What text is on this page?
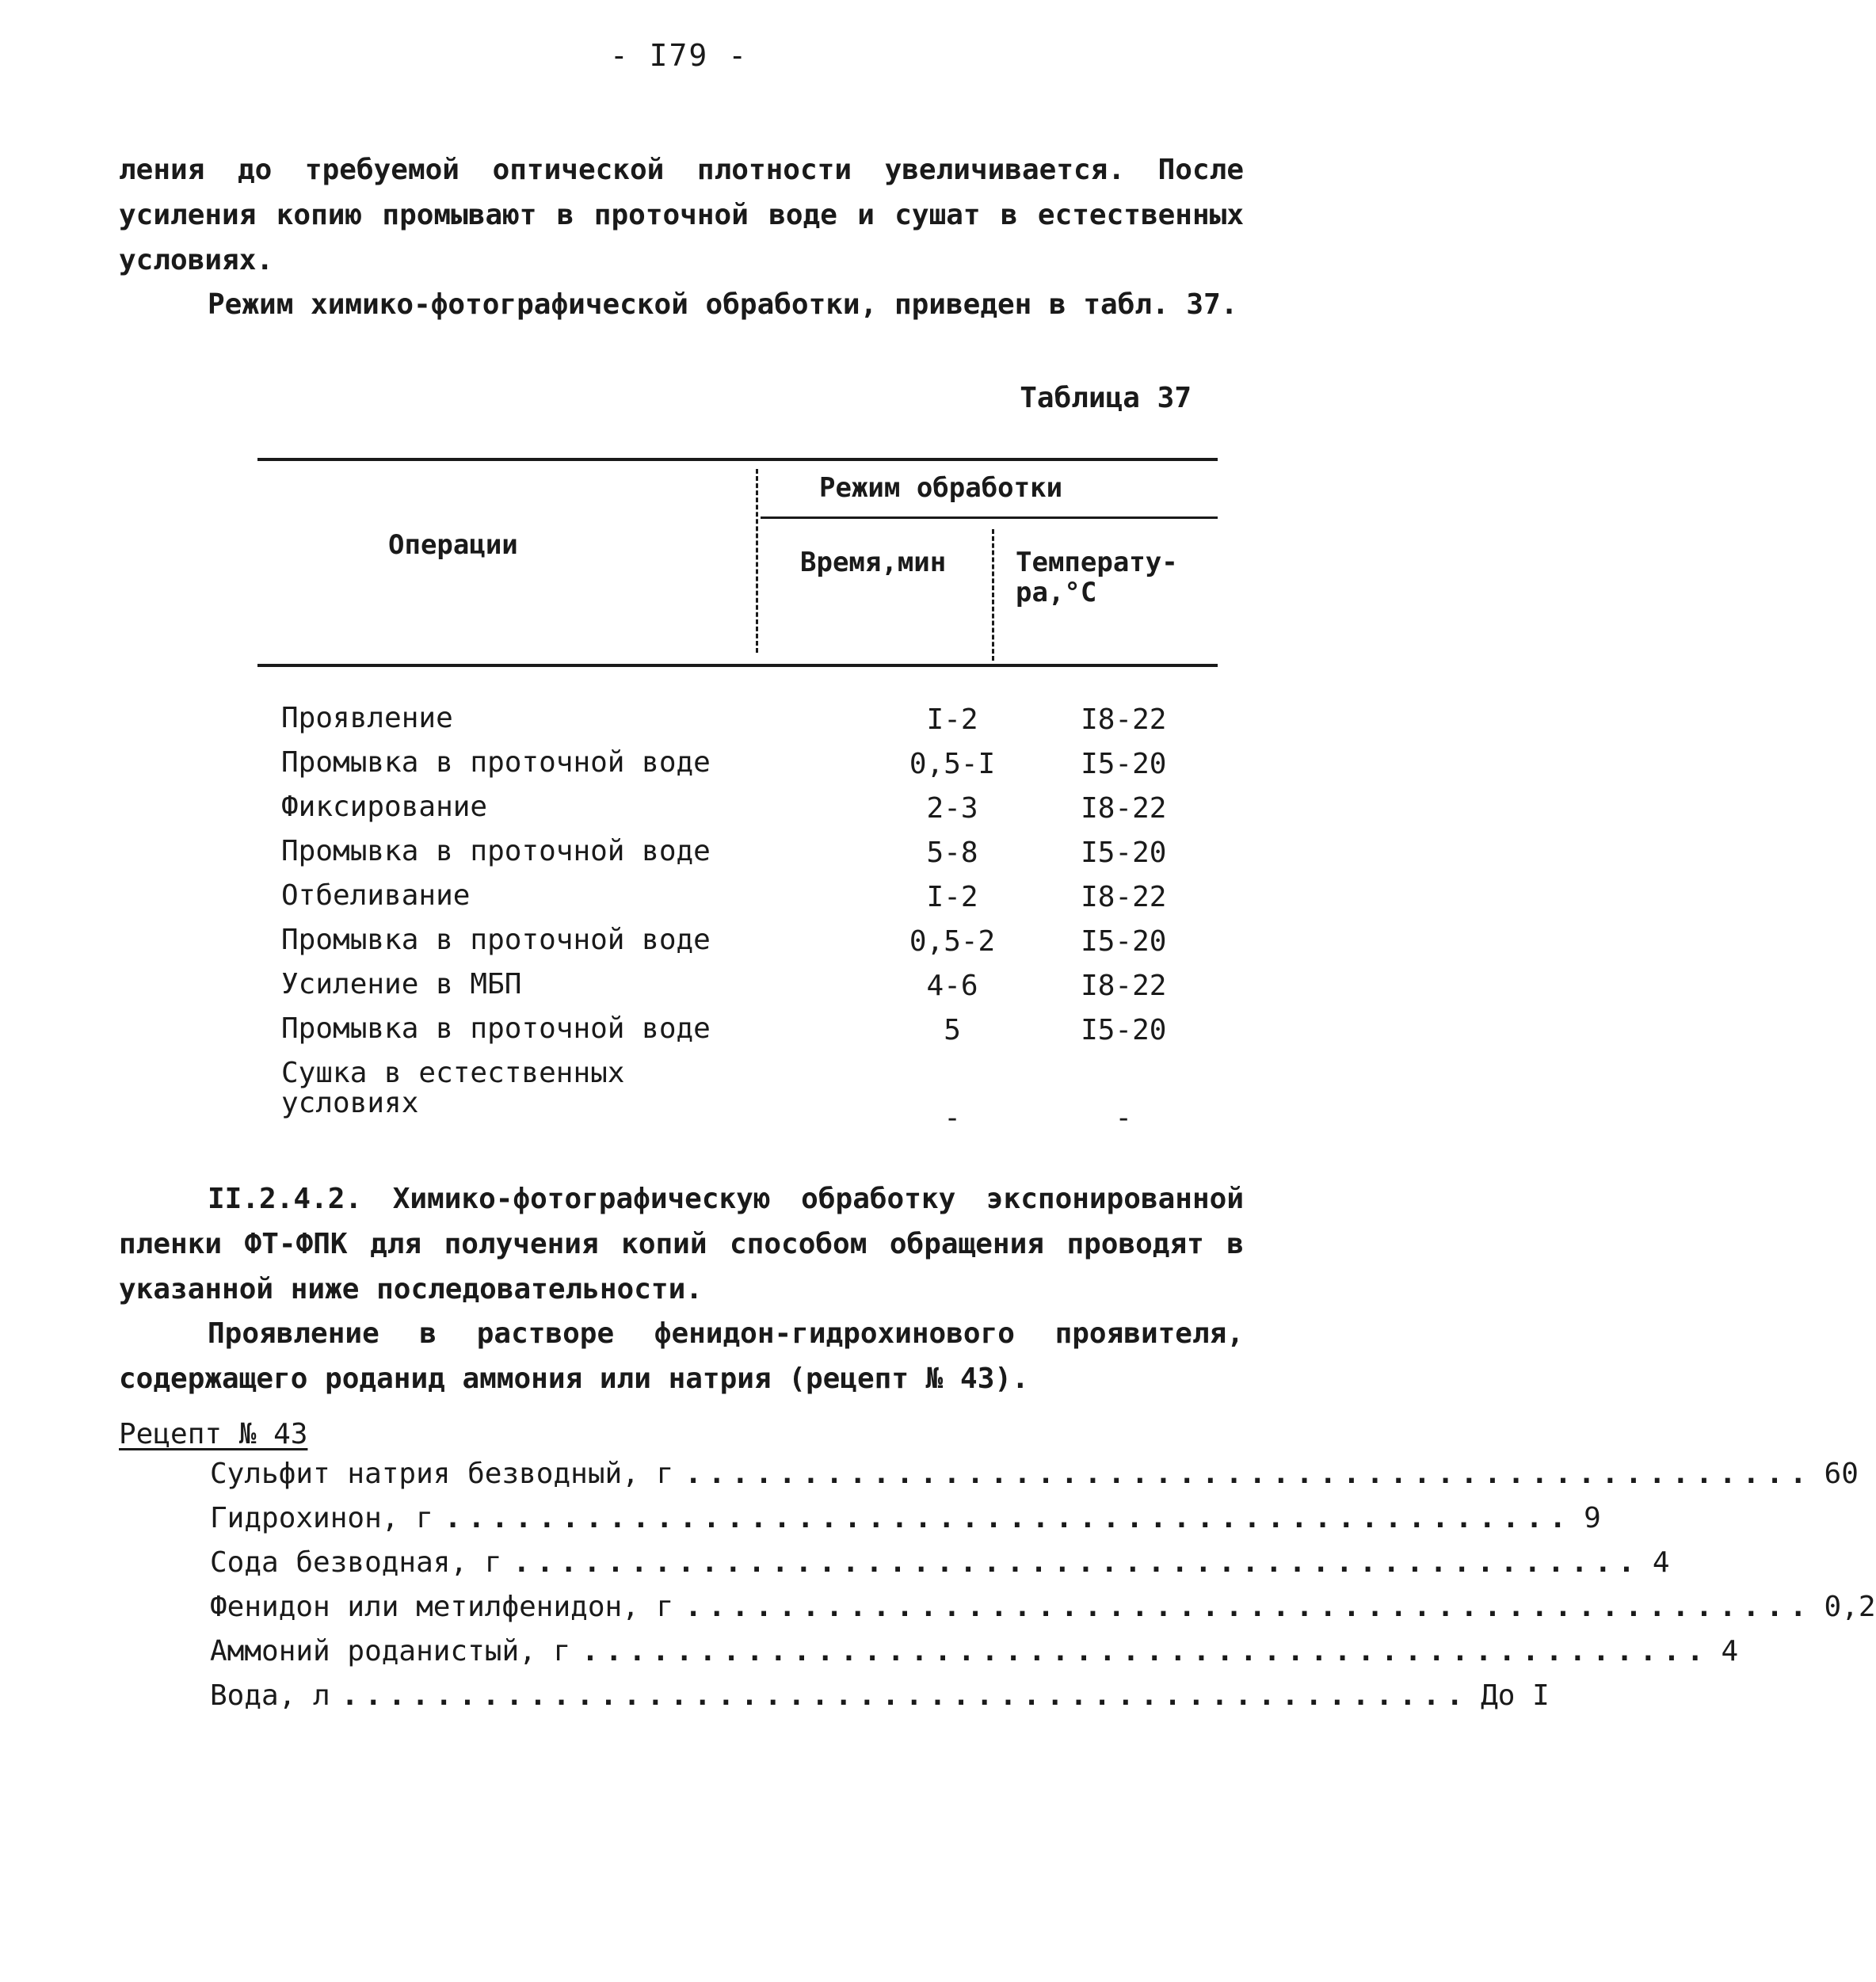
- I79 -

ления до требуемой оптической плотности увеличивается. После усиления копию промывают в проточной воде и сушат в естественных условиях.

Режим химико-фотографической обработки, приведен в табл. 37.

Таблица 37
Операции
Режим обработки
Время,мин	Температу-
ра,°С
Проявление	I-2	I8-22
Промывка в проточной воде	0,5-I	I5-20
Фиксирование	2-3	I8-22
Промывка в проточной воде	5-8	I5-20
Отбеливание	I-2	I8-22
Промывка в проточной воде	0,5-2	I5-20
Усиление в МБП	4-6	I8-22
Промывка в проточной воде	5	I5-20
Сушка в естественных условиях	-	-

II.2.4.2. Химико-фотографическую обработку экспонированной пленки ФТ-ФПК для получения копий способом обращения проводят в указанной ниже последовательности.

Проявление в растворе фенидон-гидрохинового проявителя, содержащего роданид аммония или натрия (рецепт № 43).

Рецепт № 43
Сульфит натрия безводный, г ................................................ 60
Гидрохинон, г ................................................ 9
Сода безводная, г ................................................ 4
Фенидон или метилфенидон, г ................................................ 0,2
Аммоний роданистый, г ................................................ 4
Вода, л ................................................ До I
